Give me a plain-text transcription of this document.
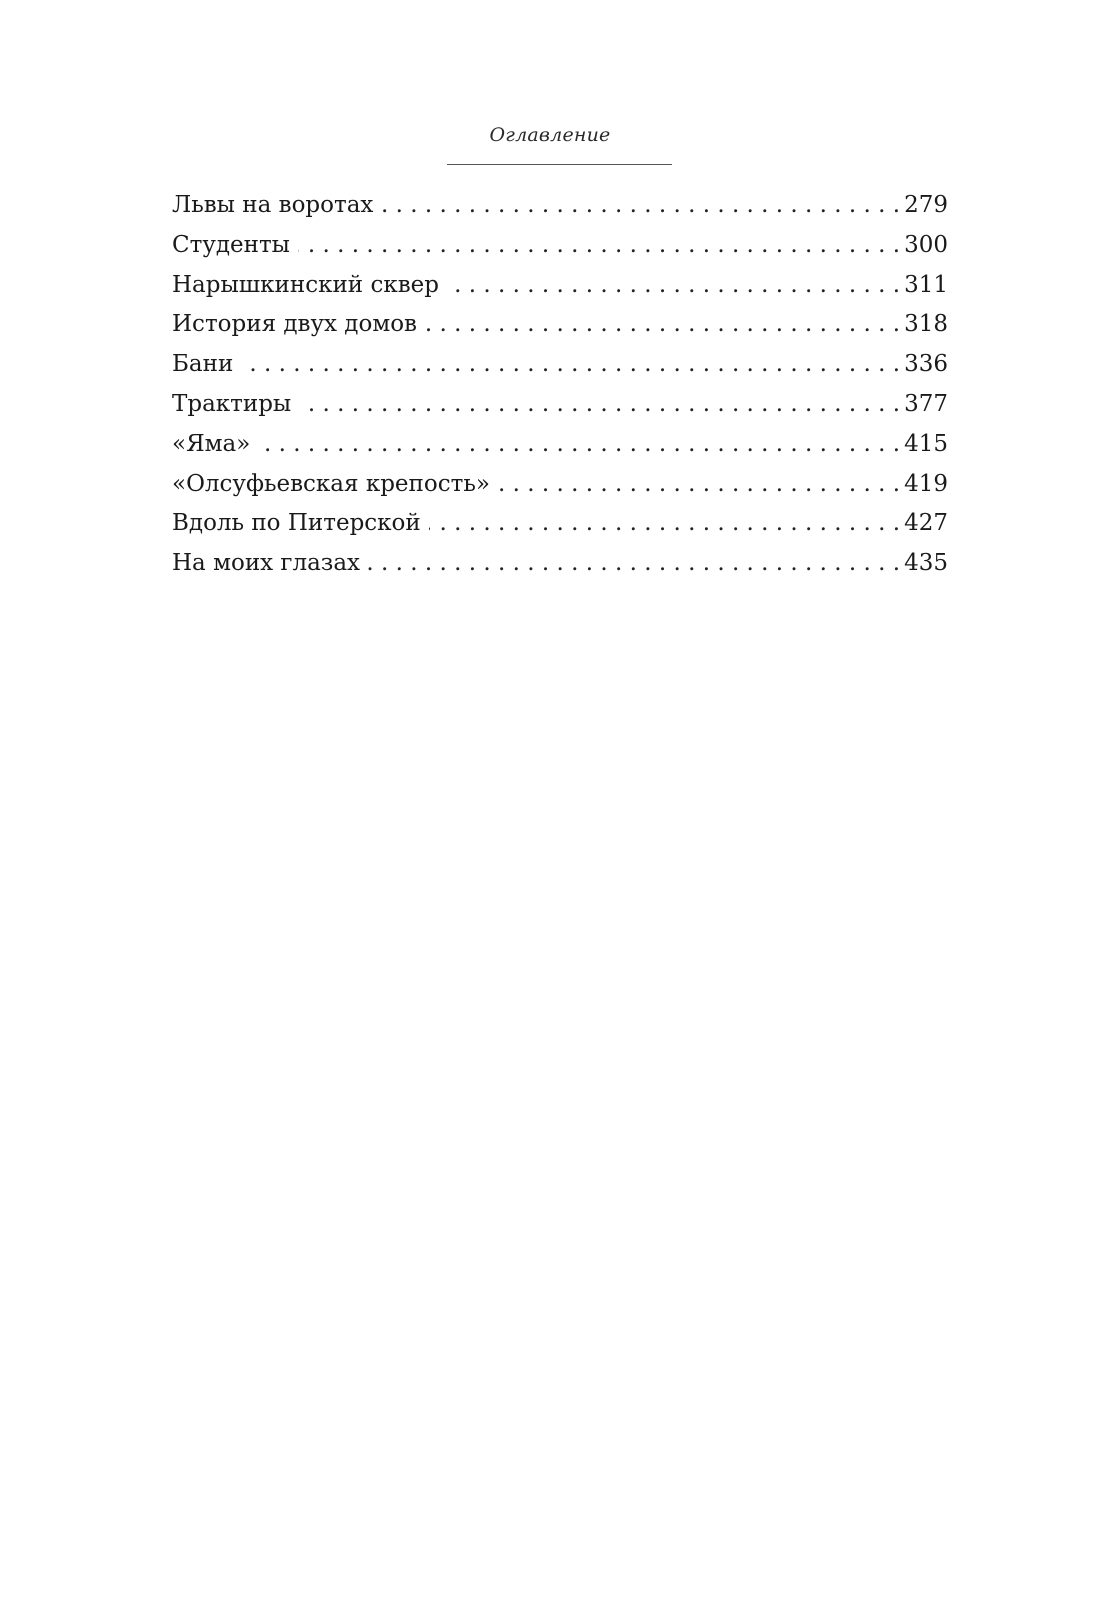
Оглавление
Львы на воротах . . .	279
Студенты . . .	300
Нарышкинский сквер . . .	311
История двух домов . . .	318
Бани . . .	336
Трактиры . . .	377
«Яма» . . .	415
«Олсуфьевская крепость» . . .	419
Вдоль по Питерской . . .	427
На моих глазах . . .	435
